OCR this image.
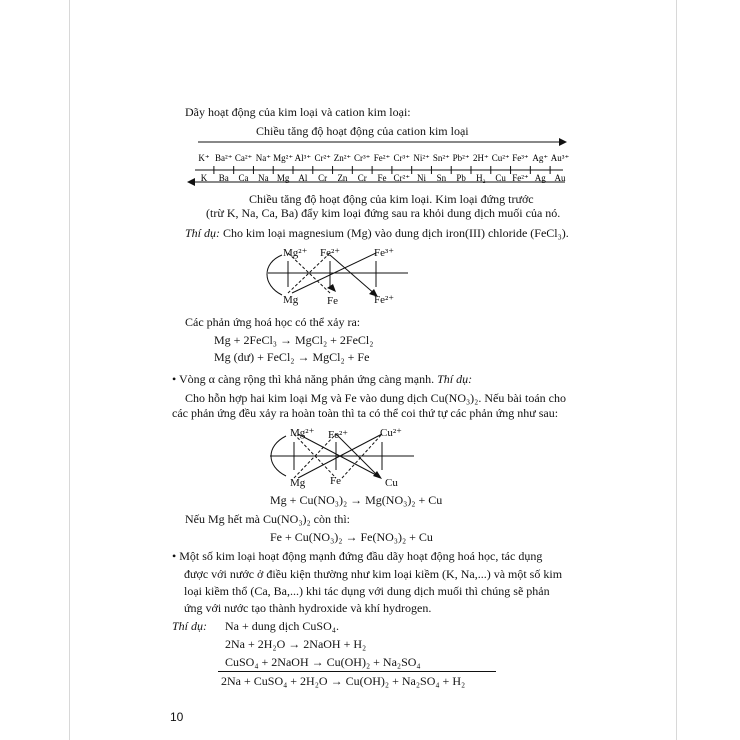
Dãy hoạt động của kim loại và cation kim loại:
Chiều tăng độ hoạt động của cation kim loại
K⁺ Ba²⁺ Ca²⁺ Na⁺ Mg²⁺ Al³⁺ Cr²⁺ Zn²⁺ Cr³⁺ Fe²⁺ Cr³⁺ Ni²⁺ Sn²⁺ Pb²⁺ 2H⁺ Cu²⁺ Fe³⁺ Ag⁺ Au³⁺
K Ba Ca Na Mg Al Cr Zn Cr Fe Cr²⁺ Ni Sn Pb H₂ Cu Fe²⁺ Ag Au
Chiều tăng độ hoạt động của kim loại. Kim loại đứng trước
(trừ K, Na, Ca, Ba) đẩy kim loại đứng sau ra khỏi dung dịch muối của nó.
Thí dụ: Cho kim loại magnesium (Mg) vào dung dịch iron(III) chloride (FeCl₃).
Mg²⁺ Fe²⁺	Fe³⁺
Mg	Fe	Fe²⁺
Các phản ứng hoá học có thể xảy ra:
Mg + 2FeCl₃ → MgCl₂ + 2FeCl₂
Mg (dư) + FeCl₂ → MgCl₂ + Fe
• Vòng α càng rộng thì khả năng phản ứng càng mạnh. Thí dụ:
Cho hỗn hợp hai kim loại Mg và Fe vào dung dịch Cu(NO₃)₂. Nếu bài toán cho
các phản ứng đều xảy ra hoàn toàn thì ta có thể coi thứ tự các phản ứng như sau:
Mg²⁺ Fe²⁺	Cu²⁺
Mg Fe	Cu
Mg + Cu(NO₃)₂ → Mg(NO₃)₂ + Cu
Nếu Mg hết mà Cu(NO₃)₂ còn thì:
Fe + Cu(NO₃)₂ → Fe(NO₃)₂ + Cu
• Một số kim loại hoạt động mạnh đứng đầu dãy hoạt động hoá học, tác dụng
được với nước ở điều kiện thường như kim loại kiềm (K, Na,...) và một số kim
loại kiềm thổ (Ca, Ba,...) khi tác dụng với dung dịch muối thì chúng sẽ phản
ứng với nước tạo thành hydroxide và khí hydrogen.
Thí dụ: Na + dung dịch CuSO₄.
2Na + 2H₂O → 2NaOH + H₂
CuSO₄ + 2NaOH → Cu(OH)₂ + Na₂SO₄
2Na + CuSO₄ + 2H₂O → Cu(OH)₂ + Na₂SO₄ + H₂
10
